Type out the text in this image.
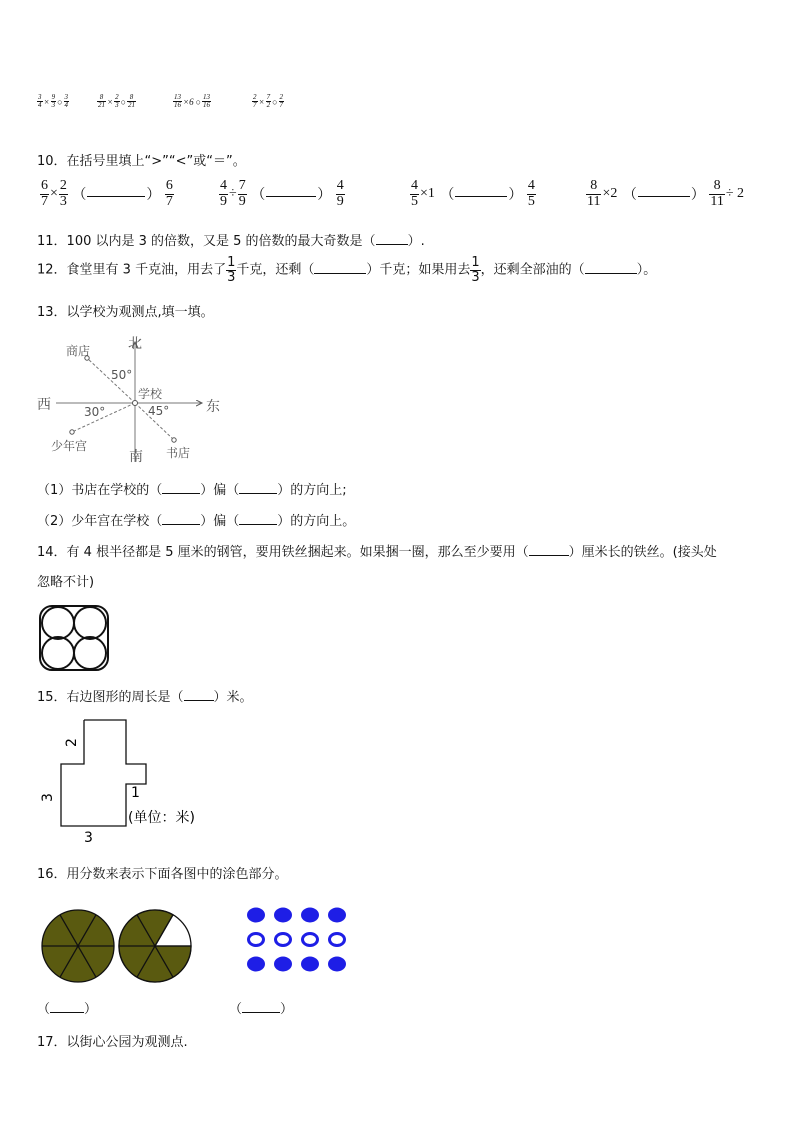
$\frac{3}{4} \times \frac{9}{3}$ ○ $\frac{3}{4}$	$\frac{8}{21} \times \frac{2}{3}$ ○ $\frac{8}{21}$	$\frac{13}{16} \times 6$ ○ $\frac{13}{16}$	$\frac{2}{7} \times \frac{7}{2}$ ○ $\frac{2}{7}$
10．在括号里填上“>”“<”或“＝”。
$\frac{6}{7} \times \frac{2}{3}$ （	） $\frac{6}{7}$	$\frac{4}{9} \div \frac{7}{9}$ （	） $\frac{4}{9}$	$\frac{4}{5} \times 1$ （	） $\frac{4}{5}$	$\frac{8}{11} \times 2$ （	） $\frac{8}{11} \div 2$
11．100 以内是 3 的倍数，又是 5 的倍数的最大奇数是（ ）.
12．食堂里有 3 千克油，用去了 $\frac{1}{3}$ 千克，还剩（	）千克；如果用去 $\frac{1}{3}$ ，还剩全部油的（	）。
13．以学校为观测点,填一填。
北
南
西	东
商店
学校
少年宫	书店
50°
30°	45°
（1）书店在学校的（	）偏（	）的方向上;
（2）少年宫在学校（	）偏（	）的方向上。
14．有 4 根半径都是 5 厘米的钢管，要用铁丝捆起来。如果捆一圈，那么至少要用（	）厘米长的铁丝。(接头处
忽略不计)
15．右边图形的周长是（ ）米。
2
3	1
3
(单位：米)
16．用分数来表示下面各图中的涂色部分。
（	）	（	）
17．以街心公园为观测点.
